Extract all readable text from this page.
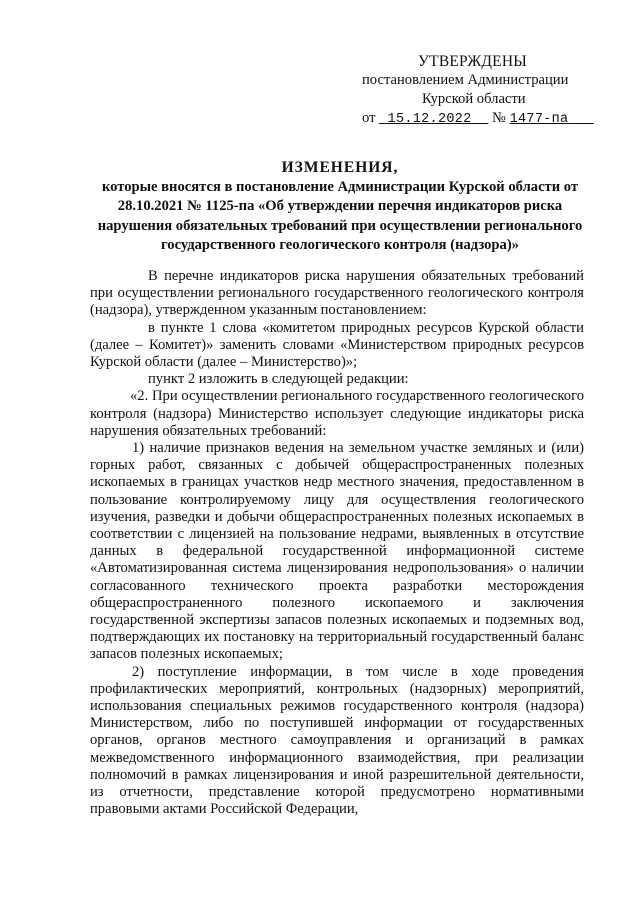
УТВЕРЖДЕНЫ
постановлением Администрации
Курской области
от 15.12.2022 № 1477-па
ИЗМЕНЕНИЯ,
которые вносятся в постановление Администрации Курской области от 28.10.2021 № 1125-па «Об утверждении перечня индикаторов риска нарушения обязательных требований при осуществлении регионального государственного геологического контроля (надзора)»

В перечне индикаторов риска нарушения обязательных требований при осуществлении регионального государственного геологического контроля (надзора), утвержденном указанным постановлением:

в пункте 1 слова «комитетом природных ресурсов Курской области (далее – Комитет)» заменить словами «Министерством природных ресурсов Курской области (далее – Министерство)»;

пункт 2 изложить в следующей редакции:

«2. При осуществлении регионального государственного геологического контроля (надзора) Министерство использует следующие индикаторы риска нарушения обязательных требований:

1) наличие признаков ведения на земельном участке земляных и (или) горных работ, связанных с добычей общераспространенных полезных ископаемых в границах участков недр местного значения, предоставленном в пользование контролируемому лицу для осуществления геологического изучения, разведки и добычи общераспространенных полезных ископаемых в соответствии с лицензией на пользование недрами, выявленных в отсутствие данных в федеральной государственной информационной системе «Автоматизированная система лицензирования недропользования» о наличии согласованного технического проекта разработки месторождения общераспространенного полезного ископаемого и заключения государственной экспертизы запасов полезных ископаемых и подземных вод, подтверждающих их постановку на территориальный государственный баланс запасов полезных ископаемых;

2) поступление информации, в том числе в ходе проведения профилактических мероприятий, контрольных (надзорных) мероприятий, использования специальных режимов государственного контроля (надзора) Министерством, либо по поступившей информации от государственных органов, органов местного самоуправления и организаций в рамках межведомственного информационного взаимодействия, при реализации полномочий в рамках лицензирования и иной разрешительной деятельности, из отчетности, представление которой предусмотрено нормативными правовыми актами Российской Федерации,
